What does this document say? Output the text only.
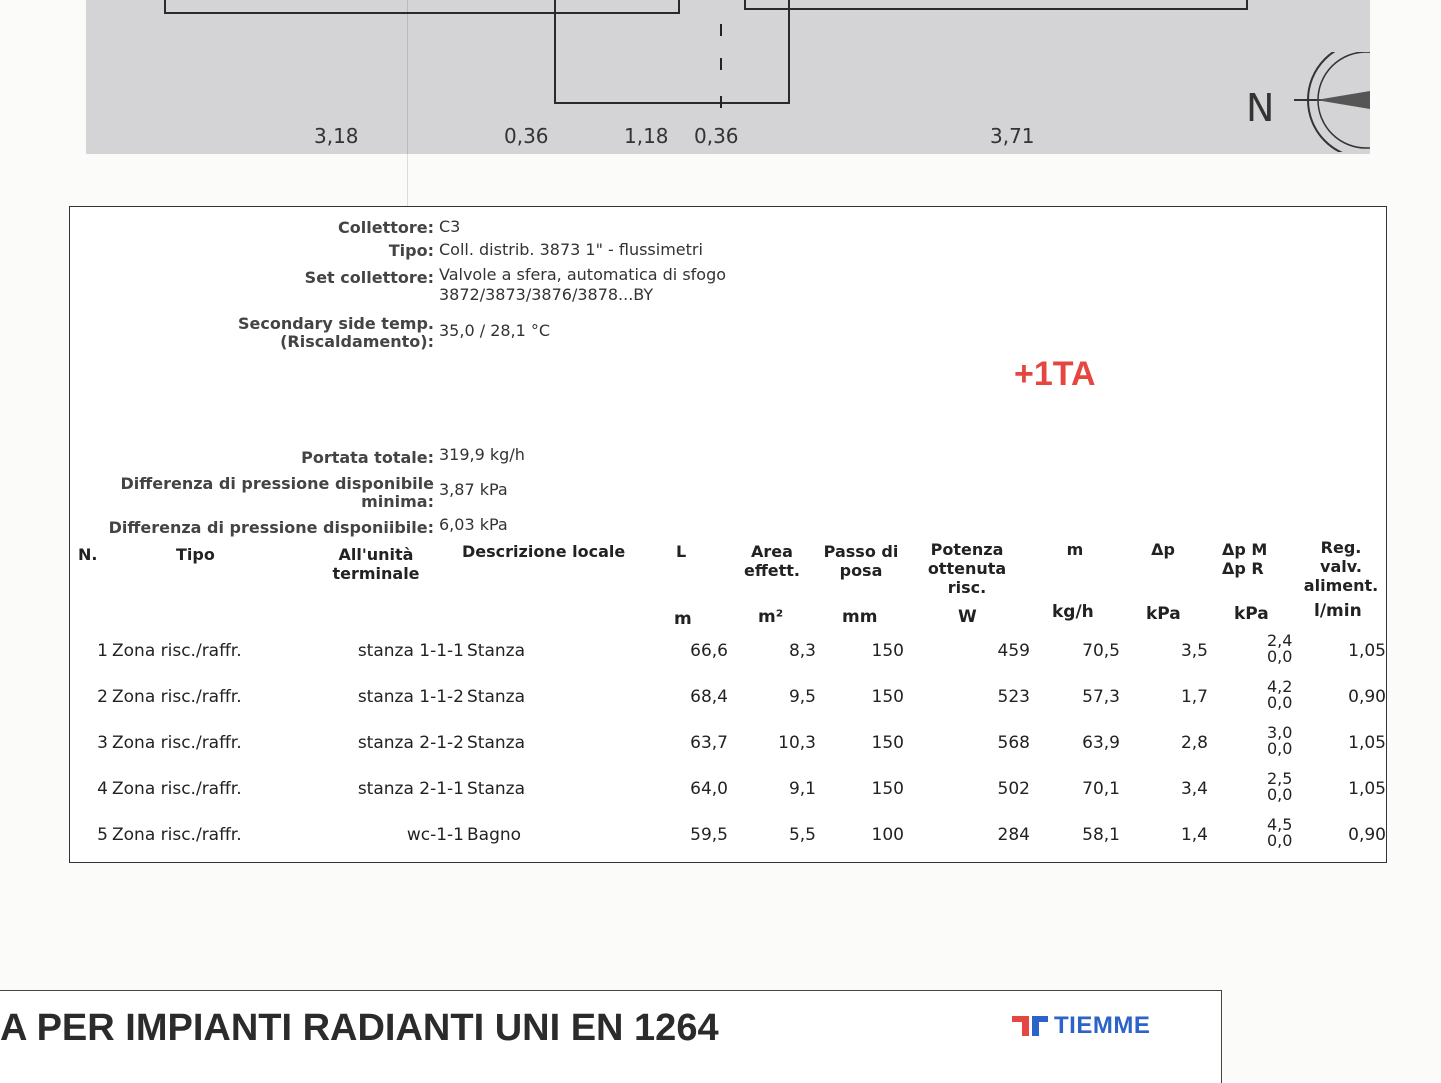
3,18	0,36	1,18 0,36	3,71
N
Collettore: C3
Tipo: Coll. distrib. 3873 1" - flussimetri
Set collettore: Valvole a sfera, automatica di sfogo
3872/3873/3876/3878...BY
Secondary side temp.
(Riscaldamento):
35,0 / 28,1 °C
+1TA
Portata totale: 319,9 kg/h
Differenza di pressione disponibile
minima:
3,87 kPa
Differenza di pressione disponiibile: 6,03 kPa
N.	Tipo	All'unità
terminale
Descrizione locale	L	Area
effett.
Passo di
posa
Potenza
ottenuta
risc.
m	Δp	Δp M
Δp R
Reg.
valv.
aliment.
m	m²	mm	W	kg/h	kPa	kPa	l/min
1 Zona risc./raffr.	stanza 1-1-1 Stanza	66,6	8,3	150	459	70,5	3,5
2,4
0,0	1,05
2 Zona risc./raffr.	stanza 1-1-2 Stanza	68,4	9,5	150	523	57,3	1,7
4,2
0,0	0,90
3 Zona risc./raffr.	stanza 2-1-2 Stanza	63,7	10,3	150	568	63,9	2,8
3,0
0,0	1,05
4 Zona risc./raffr.	stanza 2-1-1 Stanza	64,0	9,1	150	502	70,1	3,4
2,5
0,0	1,05
5 Zona risc./raffr.	wc-1-1 Bagno	59,5	5,5	100	284	58,1	1,4
4,5
0,0	0,90
A PER IMPIANTI RADIANTI UNI EN 1264	TIEMME
